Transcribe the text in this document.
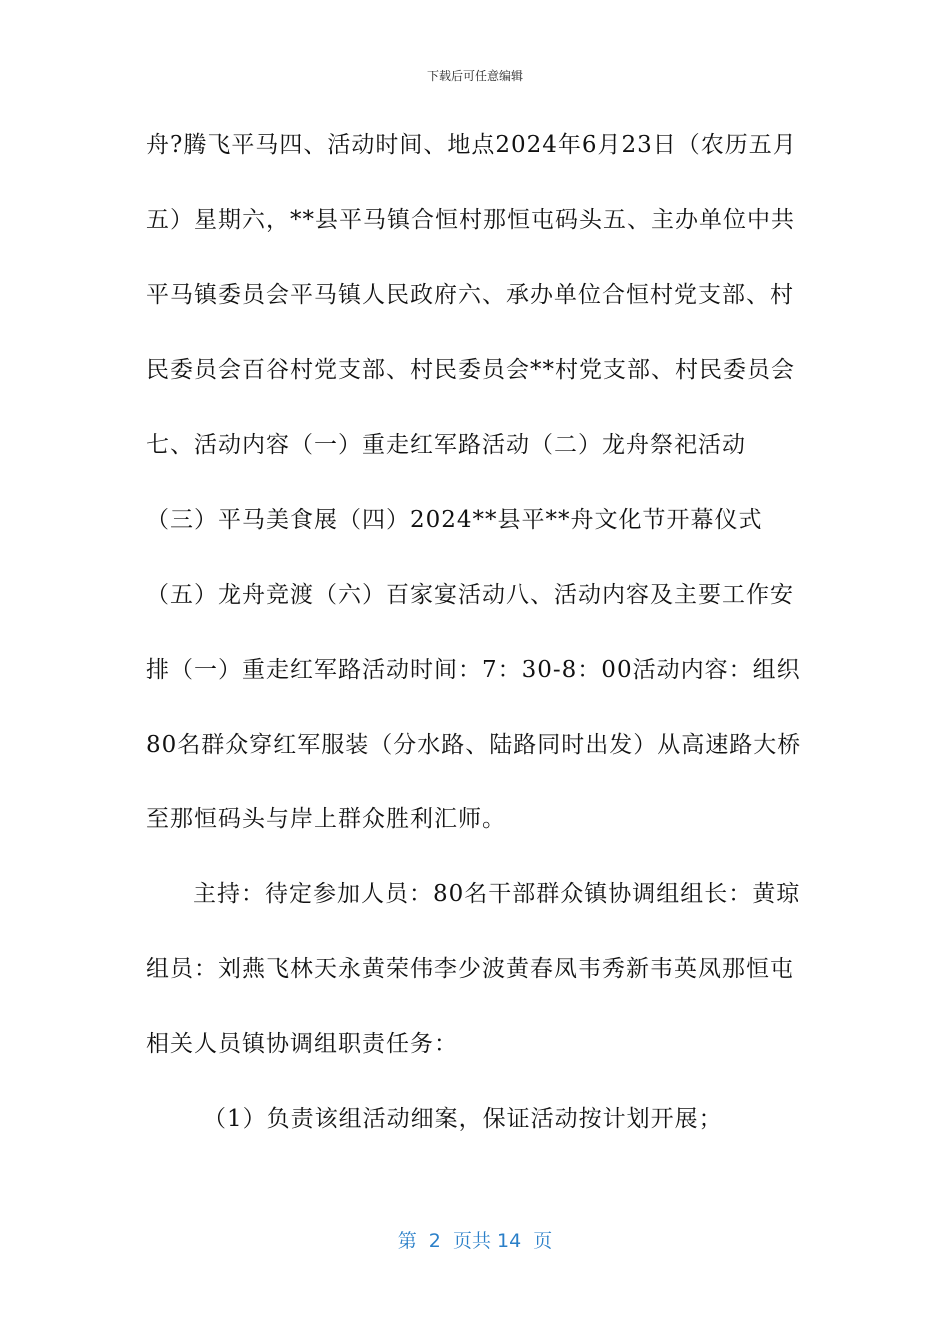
下载后可任意编辑
舟?腾飞平马四、活动时间、地点2024年6月23日（农历五月
五）星期六，**县平马镇合恒村那恒屯码头五、主办单位中共
平马镇委员会平马镇人民政府六、承办单位合恒村党支部、村
民委员会百谷村党支部、村民委员会**村党支部、村民委员会
七、活动内容（一）重走红军路活动（二）龙舟祭祀活动
（三）平马美食展（四）2024**县平**舟文化节开幕仪式
（五）龙舟竞渡（六）百家宴活动八、活动内容及主要工作安
排（一）重走红军路活动时间：7：30-8：00活动内容：组织
80名群众穿红军服装（分水路、陆路同时出发）从高速路大桥
至那恒码头与岸上群众胜利汇师。
主持：待定参加人员：80名干部群众镇协调组组长：黄琼
组员：刘燕飞林天永黄荣伟李少波黄春凤韦秀新韦英凤那恒屯
相关人员镇协调组职责任务：
（1）负责该组活动细案，保证活动按计划开展；
第  2  页共 14  页
